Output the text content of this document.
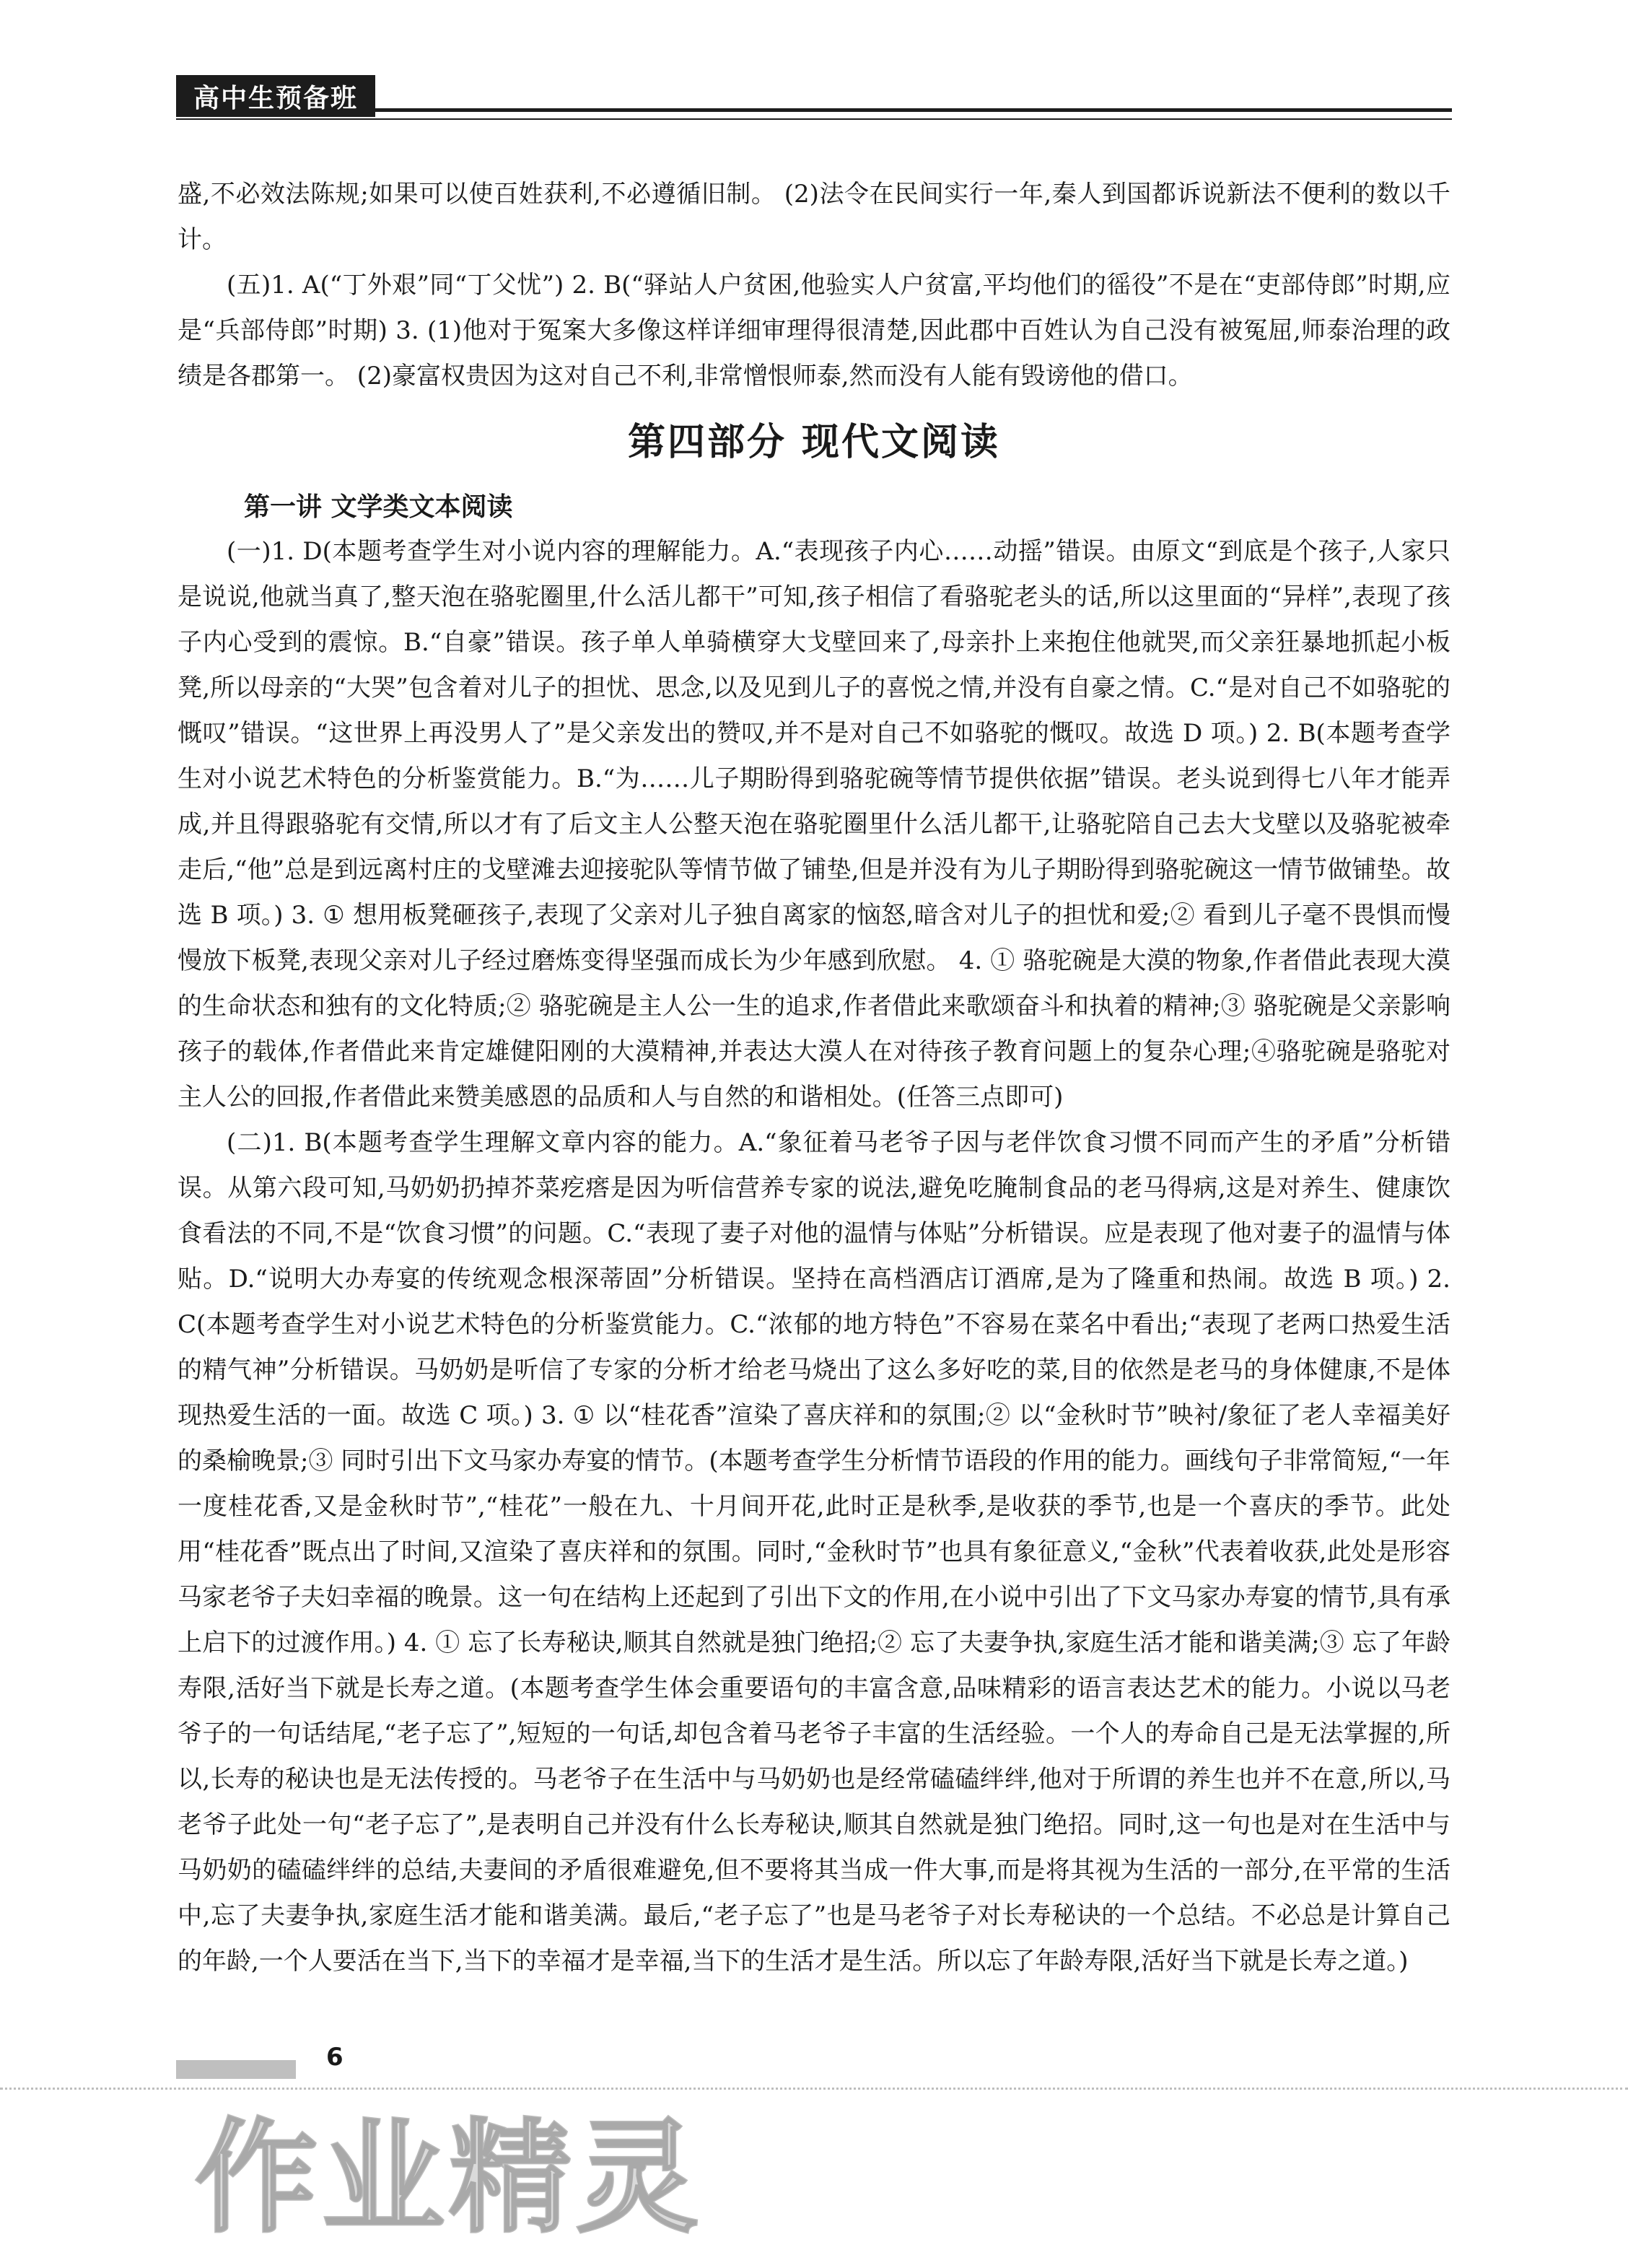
高中生预备班

盛,不必效法陈规;如果可以使百姓获利,不必遵循旧制。 (2)法令在民间实行一年,秦人到国都诉说新法不便利的数以千计。

(五)1. A(“丁外艰”同“丁父忧”) 2. B(“驿站人户贫困,他验实人户贫富,平均他们的徭役”不是在“吏部侍郎”时期,应是“兵部侍郎”时期) 3. (1)他对于冤案大多像这样详细审理得很清楚,因此郡中百姓认为自己没有被冤屈,师泰治理的政绩是各郡第一。 (2)豪富权贵因为这对自己不利,非常憎恨师泰,然而没有人能有毁谤他的借口。

第四部分 现代文阅读
第一讲 文学类文本阅读

(一)1. D(本题考查学生对小说内容的理解能力。A.“表现孩子内心……动摇”错误。由原文“到底是个孩子,人家只是说说,他就当真了,整天泡在骆驼圈里,什么活儿都干”可知,孩子相信了看骆驼老头的话,所以这里面的“异样”,表现了孩子内心受到的震惊。B.“自豪”错误。孩子单人单骑横穿大戈壁回来了,母亲扑上来抱住他就哭,而父亲狂暴地抓起小板凳,所以母亲的“大哭”包含着对儿子的担忧、思念,以及见到儿子的喜悦之情,并没有自豪之情。C.“是对自己不如骆驼的慨叹”错误。“这世界上再没男人了”是父亲发出的赞叹,并不是对自己不如骆驼的慨叹。故选 D 项。) 2. B(本题考查学生对小说艺术特色的分析鉴赏能力。B.“为……儿子期盼得到骆驼碗等情节提供依据”错误。老头说到得七八年才能弄成,并且得跟骆驼有交情,所以才有了后文主人公整天泡在骆驼圈里什么活儿都干,让骆驼陪自己去大戈壁以及骆驼被牵走后,“他”总是到远离村庄的戈壁滩去迎接驼队等情节做了铺垫,但是并没有为儿子期盼得到骆驼碗这一情节做铺垫。故选 B 项。) 3. ① 想用板凳砸孩子,表现了父亲对儿子独自离家的恼怒,暗含对儿子的担忧和爱;② 看到儿子毫不畏惧而慢慢放下板凳,表现父亲对儿子经过磨炼变得坚强而成长为少年感到欣慰。 4. ① 骆驼碗是大漠的物象,作者借此表现大漠的生命状态和独有的文化特质;② 骆驼碗是主人公一生的追求,作者借此来歌颂奋斗和执着的精神;③ 骆驼碗是父亲影响孩子的载体,作者借此来肯定雄健阳刚的大漠精神,并表达大漠人在对待孩子教育问题上的复杂心理;④骆驼碗是骆驼对主人公的回报,作者借此来赞美感恩的品质和人与自然的和谐相处。(任答三点即可)

(二)1. B(本题考查学生理解文章内容的能力。A.“象征着马老爷子因与老伴饮食习惯不同而产生的矛盾”分析错误。从第六段可知,马奶奶扔掉芥菜疙瘩是因为听信营养专家的说法,避免吃腌制食品的老马得病,这是对养生、健康饮食看法的不同,不是“饮食习惯”的问题。C.“表现了妻子对他的温情与体贴”分析错误。应是表现了他对妻子的温情与体贴。D.“说明大办寿宴的传统观念根深蒂固”分析错误。坚持在高档酒店订酒席,是为了隆重和热闹。故选 B 项。) 2. C(本题考查学生对小说艺术特色的分析鉴赏能力。C.“浓郁的地方特色”不容易在菜名中看出;“表现了老两口热爱生活的精气神”分析错误。马奶奶是听信了专家的分析才给老马烧出了这么多好吃的菜,目的依然是老马的身体健康,不是体现热爱生活的一面。故选 C 项。) 3. ① 以“桂花香”渲染了喜庆祥和的氛围;② 以“金秋时节”映衬/象征了老人幸福美好的桑榆晚景;③ 同时引出下文马家办寿宴的情节。(本题考查学生分析情节语段的作用的能力。画线句子非常简短,“一年一度桂花香,又是金秋时节”,“桂花”一般在九、十月间开花,此时正是秋季,是收获的季节,也是一个喜庆的季节。此处用“桂花香”既点出了时间,又渲染了喜庆祥和的氛围。同时,“金秋时节”也具有象征意义,“金秋”代表着收获,此处是形容马家老爷子夫妇幸福的晚景。这一句在结构上还起到了引出下文的作用,在小说中引出了下文马家办寿宴的情节,具有承上启下的过渡作用。) 4. ① 忘了长寿秘诀,顺其自然就是独门绝招;② 忘了夫妻争执,家庭生活才能和谐美满;③ 忘了年龄寿限,活好当下就是长寿之道。(本题考查学生体会重要语句的丰富含意,品味精彩的语言表达艺术的能力。小说以马老爷子的一句话结尾,“老子忘了”,短短的一句话,却包含着马老爷子丰富的生活经验。一个人的寿命自己是无法掌握的,所以,长寿的秘诀也是无法传授的。马老爷子在生活中与马奶奶也是经常磕磕绊绊,他对于所谓的养生也并不在意,所以,马老爷子此处一句“老子忘了”,是表明自己并没有什么长寿秘诀,顺其自然就是独门绝招。同时,这一句也是对在生活中与马奶奶的磕磕绊绊的总结,夫妻间的矛盾很难避免,但不要将其当成一件大事,而是将其视为生活的一部分,在平常的生活中,忘了夫妻争执,家庭生活才能和谐美满。最后,“老子忘了”也是马老爷子对长寿秘诀的一个总结。不必总是计算自己的年龄,一个人要活在当下,当下的幸福才是幸福,当下的生活才是生活。所以忘了年龄寿限,活好当下就是长寿之道。)

6
作业精灵
